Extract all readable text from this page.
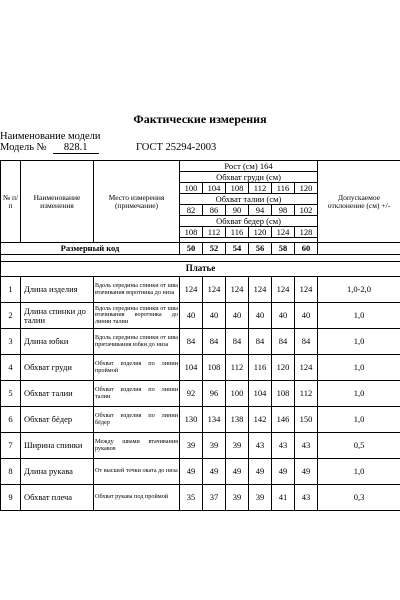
Фактические измерения
Наименование модели
Модель № 828.1	ГОСТ 25294-2003
№ п/п	Наименование изменения	Место измерения (примечание)	Рост (см) 164						Допускаемое отклонение (см) +/-
			Обхват груди (см)						
			100	104	108	112	116	120	
			Обхват талии (см)						
			82	86	90	94	98	102	
			Обхват бедер (см)						
			108	112	116	120	124	128	

Размерный код			50	52	54	56	58	60	

Платье									
1	Длина изделия	Вдоль середины спинки от шва втачивания воротника до низа	124	124	124	124	124	124	1,0-2,0
2	Длина спинки до талии	Вдоль середины спинки от шва втачивания воротника до линии талии	40	40	40	40	40	40	1,0
3	Длина юбки	Вдоль середины спинки от шва притачивания юбки до низа	84	84	84	84	84	84	1,0
4	Обхват груди	Обхват изделия по линии проймой	104	108	112	116	120	124	1,0
5	Обхват талии	Обхват изделия по линии талии	92	96	100	104	108	112	1,0
6	Обхват бёдер	Обхват изделия по линии бёдер	130	134	138	142	146	150	1,0
7	Ширина спинки	Между швами втачивания рукавов	39	39	39	43	43	43	0,5
8	Длина рукава	От высшей точки оката до низа	49	49	49	49	49	49	1,0
9	Обхват плеча	Обхват рукава под проймой	35	37	39	39	41	43	0,3
